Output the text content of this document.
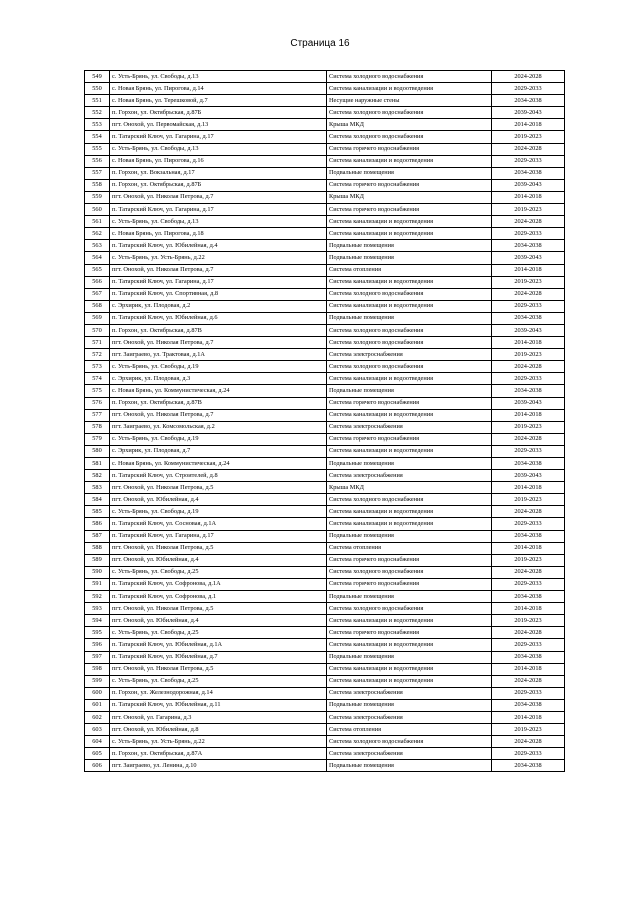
Страница 16
549	с. Усть-Брянь, ул. Свободы, д.13	Система холодного водоснабжения	2024-2028
550	с. Новая Брянь, ул. Пирогова, д.14	Система канализации и водоотведения	2029-2033
551	с. Новая Брянь, ул. Терешковой, д.7	Несущие наружные стены	2034-2038
552	п. Горхон, ул. Октябрьская, д.87Б	Система холодного водоснабжения	2039-2043
553	пгт. Онохой, ул. Первомайская, д.13	Крыша МКД	2014-2018
554	п. Татарский Ключ, ул. Гагарина, д.17	Система холодного водоснабжения	2019-2023
555	с. Усть-Брянь, ул. Свободы, д.13	Система горячего водоснабжения	2024-2028
556	с. Новая Брянь, ул. Пирогова, д.16	Система канализации и водоотведения	2029-2033
557	п. Горхон, ул. Вокзальная, д.17	Подвальные помещения	2034-2038
558	п. Горхон, ул. Октябрьская, д.87Б	Система горячего водоснабжения	2039-2043
559	пгт. Онохой, ул. Николая Петрова, д.7	Крыша МКД	2014-2018
560	п. Татарский Ключ, ул. Гагарина, д.17	Система горячего водоснабжения	2019-2023
561	с. Усть-Брянь, ул. Свободы, д.13	Система канализации и водоотведения	2024-2028
562	с. Новая Брянь, ул. Пирогова, д.18	Система канализации и водоотведения	2029-2033
563	п. Татарский Ключ, ул. Юбилейная, д.4	Подвальные помещения	2034-2038
564	с. Усть-Брянь, ул. Усть-Брянь, д.22	Подвальные помещения	2039-2043
565	пгт. Онохой, ул. Николая Петрова, д.7	Система отопления	2014-2018
566	п. Татарский Ключ, ул. Гагарина, д.17	Система канализации и водоотведения	2019-2023
567	п. Татарский Ключ, ул. Спортивная, д.8	Система холодного водоснабжения	2024-2028
568	с. Эрхирик, ул. Плодовая, д.2	Система канализации и водоотведения	2029-2033
569	п. Татарский Ключ, ул. Юбилейная, д.6	Подвальные помещения	2034-2038
570	п. Горхон, ул. Октябрьская, д.87В	Система холодного водоснабжения	2039-2043
571	пгт. Онохой, ул. Николая Петрова, д.7	Система холодного водоснабжения	2014-2018
572	пгт. Заиграево, ул. Трактовая, д.1А	Система электроснабжения	2019-2023
573	с. Усть-Брянь, ул. Свободы, д.19	Система холодного водоснабжения	2024-2028
574	с. Эрхирик, ул. Плодовая, д.3	Система канализации и водоотведения	2029-2033
575	с. Новая Брянь, ул. Коммунистическая, д.24	Подвальные помещения	2034-2038
576	п. Горхон, ул. Октябрьская, д.87В	Система горячего водоснабжения	2039-2043
577	пгт. Онохой, ул. Николая Петрова, д.7	Система канализации и водоотведения	2014-2018
578	пгт. Заиграево, ул. Комсомольская, д.2	Система электроснабжения	2019-2023
579	с. Усть-Брянь, ул. Свободы, д.19	Система горячего водоснабжения	2024-2028
580	с. Эрхирик, ул. Плодовая, д.7	Система канализации и водоотведения	2029-2033
581	с. Новая Брянь, ул. Коммунистическая, д.24	Подвальные помещения	2034-2038
582	п. Татарский Ключ, ул. Строителей, д.8	Система электроснабжения	2039-2043
583	пгт. Онохой, ул. Николая Петрова, д.5	Крыша МКД	2014-2018
584	пгт. Онохой, ул. Юбилейная, д.4	Система холодного водоснабжения	2019-2023
585	с. Усть-Брянь, ул. Свободы, д.19	Система канализации и водоотведения	2024-2028
586	п. Татарский Ключ, ул. Сосновая, д.1А	Система канализации и водоотведения	2029-2033
587	п. Татарский Ключ, ул. Гагарина, д.17	Подвальные помещения	2034-2038
588	пгт. Онохой, ул. Николая Петрова, д.5	Система отопления	2014-2018
589	пгт. Онохой, ул. Юбилейная, д.4	Система горячего водоснабжения	2019-2023
590	с. Усть-Брянь, ул. Свободы, д.25	Система холодного водоснабжения	2024-2028
591	п. Татарский Ключ, ул. Софронова, д.1А	Система горячего водоснабжения	2029-2033
592	п. Татарский Ключ, ул. Софронова, д.1	Подвальные помещения	2034-2038
593	пгт. Онохой, ул. Николая Петрова, д.5	Система холодного водоснабжения	2014-2018
594	пгт. Онохой, ул. Юбилейная, д.4	Система канализации и водоотведения	2019-2023
595	с. Усть-Брянь, ул. Свободы, д.25	Система горячего водоснабжения	2024-2028
596	п. Татарский Ключ, ул. Юбилейная, д.1А	Система канализации и водоотведения	2029-2033
597	п. Татарский Ключ, ул. Юбилейная, д.7	Подвальные помещения	2034-2038
598	пгт. Онохой, ул. Николая Петрова, д.5	Система канализации и водоотведения	2014-2018
599	с. Усть-Брянь, ул. Свободы, д.25	Система канализации и водоотведения	2024-2028
600	п. Горхон, ул. Железнодорожная, д.14	Система электроснабжения	2029-2033
601	п. Татарский Ключ, ул. Юбилейная, д.11	Подвальные помещения	2034-2038
602	пгт. Онохой, ул. Гагарина, д.3	Система электроснабжения	2014-2018
603	пгт. Онохой, ул. Юбилейная, д.8	Система отопления	2019-2023
604	с. Усть-Брянь, ул. Усть-Брянь, д.22	Система холодного водоснабжения	2024-2028
605	п. Горхон, ул. Октябрьская, д.87А	Система электроснабжения	2029-2033
606	пгт. Заиграево, ул. Ленина, д.10	Подвальные помещения	2034-2038
